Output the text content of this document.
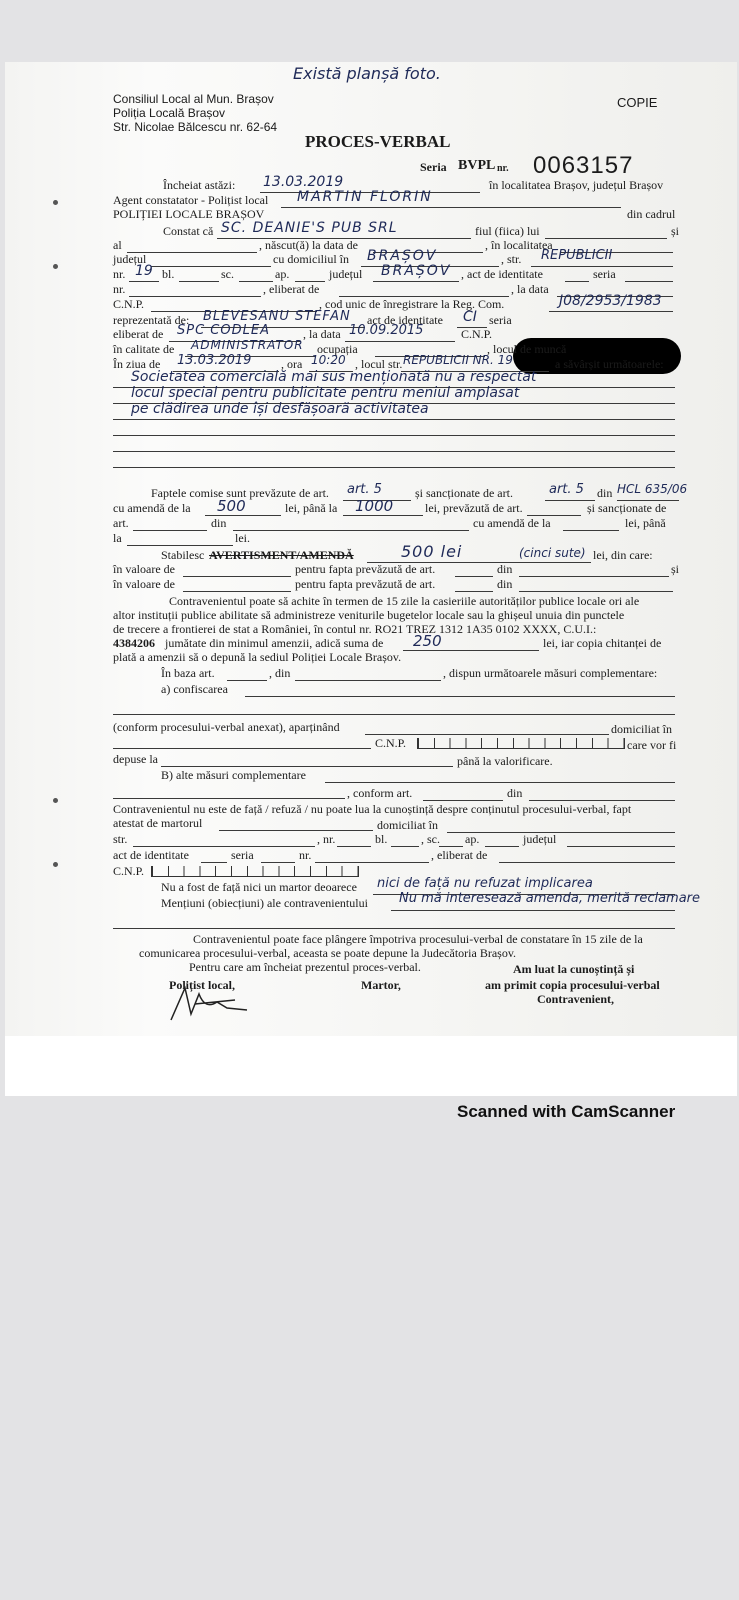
Există planșă foto.
Consiliul Local al Mun. Brașov
Poliția Locală Brașov
Str. Nicolae Bălcescu nr. 62-64
COPIE
PROCES-VERBAL
Seria BVPL nr. 0063157
Încheiat astăzi: 13.03.2019	în localitatea Brașov, județul Brașov
Agent constatator - Polițist local MARTIN FLORIN
POLIȚIEI LOCALE BRAȘOV	din cadrul
Constat că SC. DEANIE'S PUB SRL	fiul (fiica) lui	și
al	, născut(ă) la data de	, în localitatea
județul	cu domiciliul în BRAȘOV	, str. REPUBLICII
nr. 19 bl.	sc.	ap.	județul BRAȘOV , act de identitate	seria
nr.	, eliberat de	, la data
C.N.P.	, cod unic de înregistrare la Reg. Com.	J08/2953/1983
reprezentată de: BLEVESANU STEFAN act de identitate CI seria
eliberat de SPC CODLEA	, la data 10.09.2015	C.N.P.
în calitate de ADMINISTRATOR ocupația	, locul de muncă
În ziua de 13.03.2019 , ora 10:20 , locul str. REPUBLICII NR. 19	a săvârșit următoarele:
Societatea comercială mai sus menționată nu a respectat
locul special pentru publicitate pentru meniul amplasat
pe clădirea unde își desfășoară activitatea
Faptele comise sunt prevăzute de art. art. 5	și sancționate de art.	art. 5 din HCL 635/06
cu amendă de la 500	lei, până la 1000	lei, prevăzută de art.	și sancționate de
art.	din	cu amendă de la	lei, până
la	lei.
Stabilesc AVERTISMENT/AMENDĂ	500 lei	(cinci sute) lei, din care:
în valoare de	pentru fapta prevăzută de art.	din	și
în valoare de	pentru fapta prevăzută de art.	din
Contravenientul poate să achite în termen de 15 zile la casieriile autorităților publice locale ori ale
altor instituții publice abilitate să administreze veniturile bugetelor locale sau la ghișeul unuia din punctele
de trecere a frontierei de stat a României, în contul nr. RO21 TREZ 1312 1A35 0102 XXXX, C.U.I.:
4384206 jumătate din minimul amenzii, adică suma de 250	lei, iar copia chitanței de
plată a amenzii să o depună la sediul Poliției Locale Brașov.
În baza art.	, din	, dispun următoarele măsuri complementare:
a) confiscarea
(conform procesului-verbal anexat), aparținând	domiciliat în
C.N.P.	care vor fi
depuse la	până la valorificare.
B) alte măsuri complementare
, conform art.	din
Contravenientul nu este de față / refuză / nu poate lua la cunoștință despre conținutul procesului-verbal, fapt
atestat de martorul	domiciliat în
str.	, nr.	bl.	, sc. ap.	județul
act de identitate	seria	nr.	, eliberat de
C.N.P.
Nu a fost de față nici un martor deoarece nici de față nu refuzat implicarea
Mențiuni (obiecțiuni) ale contravenientului Nu mă interesează amenda, merită reclamare
Contravenientul poate face plângere împotriva procesului-verbal de constatare în 15 zile de la
comunicarea procesului-verbal, aceasta se poate depune la Judecătoria Brașov.
Pentru care am încheiat prezentul proces-verbal.	Am luat la cunoștință și
Polițist local,	Martor,	am primit copia procesului-verbal
Contravenient,
Scanned with CamScanner
